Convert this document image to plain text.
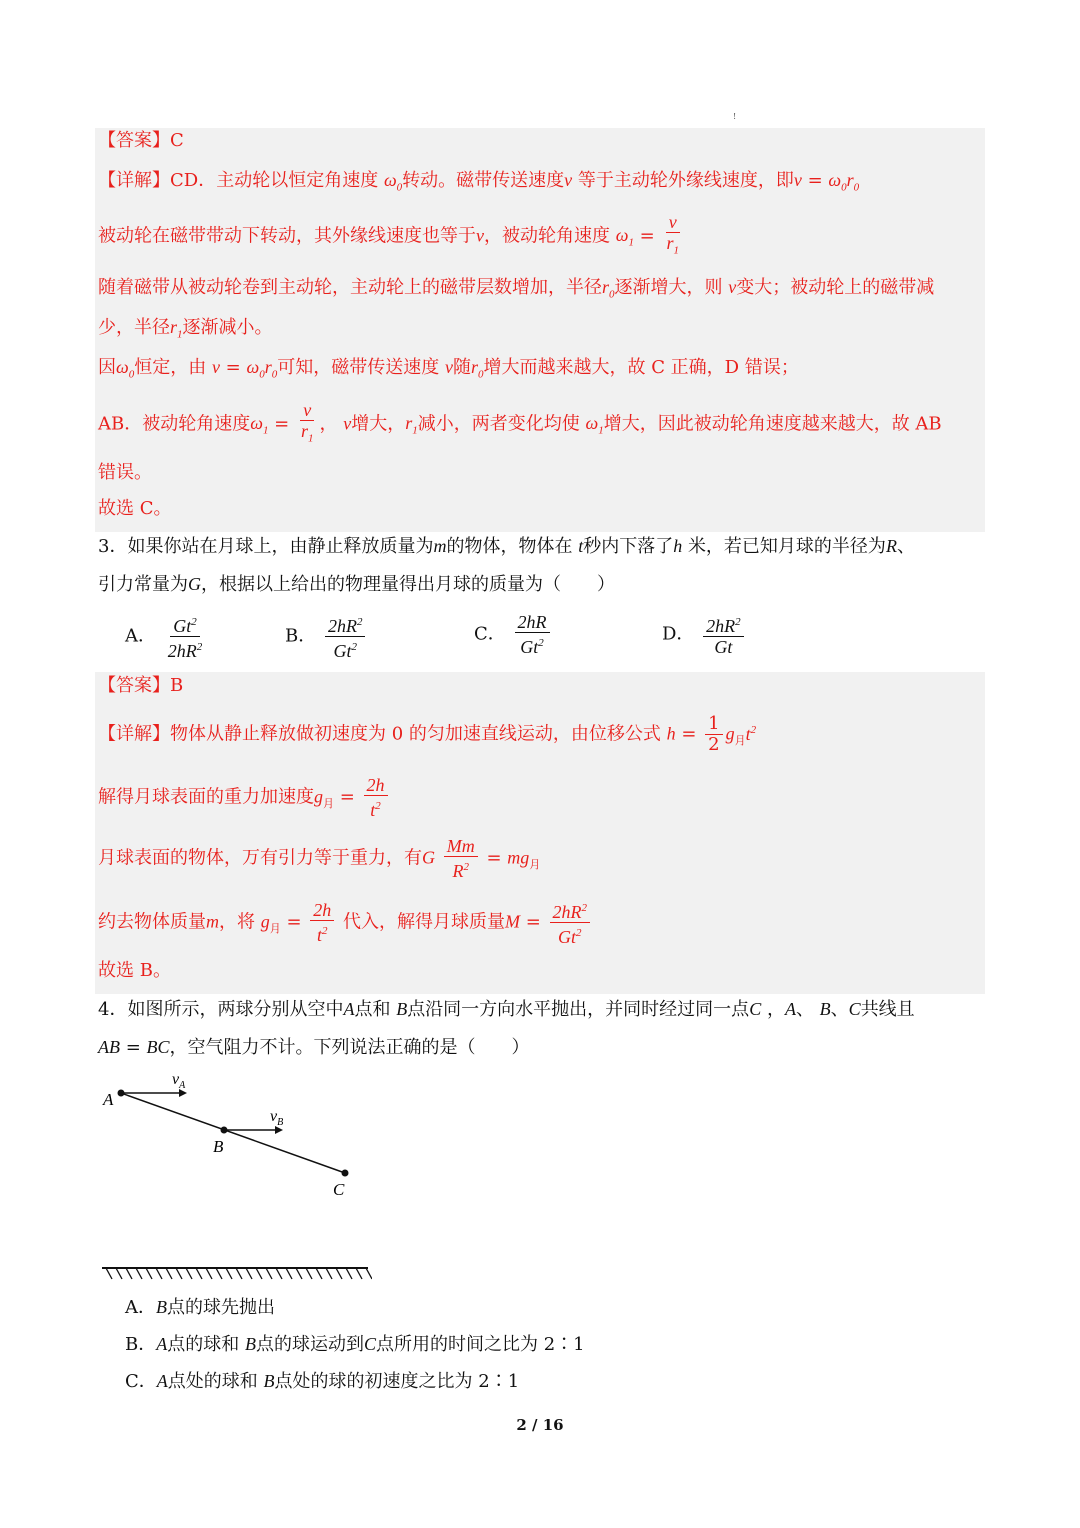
!
【答案】C
【详解】CD．主动轮以恒定角速度 $\omega_0$转动。磁带传送速度v 等于主动轮外缘线速度，即$v = \omega_0r_0$
被动轮在磁带带动下转动，其外缘线速度也等于v，被动轮角速度 $\omega_1 = \frac{v}{r_1}$
随着磁带从被动轮卷到主动轮，主动轮上的磁带层数增加，半径$r_0$逐渐增大，则 v变大；被动轮上的磁带减
少，半径$r_1$逐渐减小。
因$\omega_0$恒定，由 $v = \omega_0r_0$可知，磁带传送速度 v随$r_0$增大而越来越大，故 C 正确，D 错误；
AB．被动轮角速度$\omega_1 = \frac{v}{r_1}$ ， v增大，$r_1$减小，两者变化均使 $\omega_1$增大，因此被动轮角速度越来越大，故 AB
错误。
故选 C。
3．如果你站在月球上，由静止释放质量为m的物体，物体在 t秒内下落了h 米，若已知月球的半径为R、
引力常量为G，根据以上给出的物理量得出月球的质量为（　　）
A． $\frac{Gt^2}{2hR^2}$	B． $\frac{2hR^2}{Gt^2}$	C． $\frac{2hR}{Gt^2}$	D． $\frac{2hR^2}{Gt}$
【答案】B
【详解】物体从静止释放做初速度为 0 的匀加速直线运动，由位移公式 $h = \frac{1}{2} g_月t^2$
解得月球表面的重力加速度$g_月 = \frac{2h}{t^2}$
月球表面的物体，万有引力等于重力，有G $\frac{Mm}{R^2} = mg_月$
约去物体质量m，将 $g_月 = \frac{2h}{t^2}$ 代入，解得月球质量$M = \frac{2hR^2}{Gt^2}$
故选 B。
4．如图所示，两球分别从空中A点和 B点沿同一方向水平抛出，并同时经过同一点C ，A、 B、C共线且
AB = BC，空气阻力不计。下列说法正确的是（　　）
A
B
C
$v_A$
$v_B$
A．B点的球先抛出
B．A点的球和 B点的球运动到C点所用的时间之比为 2∶1
C．A点处的球和 B点处的球的初速度之比为 2∶1
2 / 16
